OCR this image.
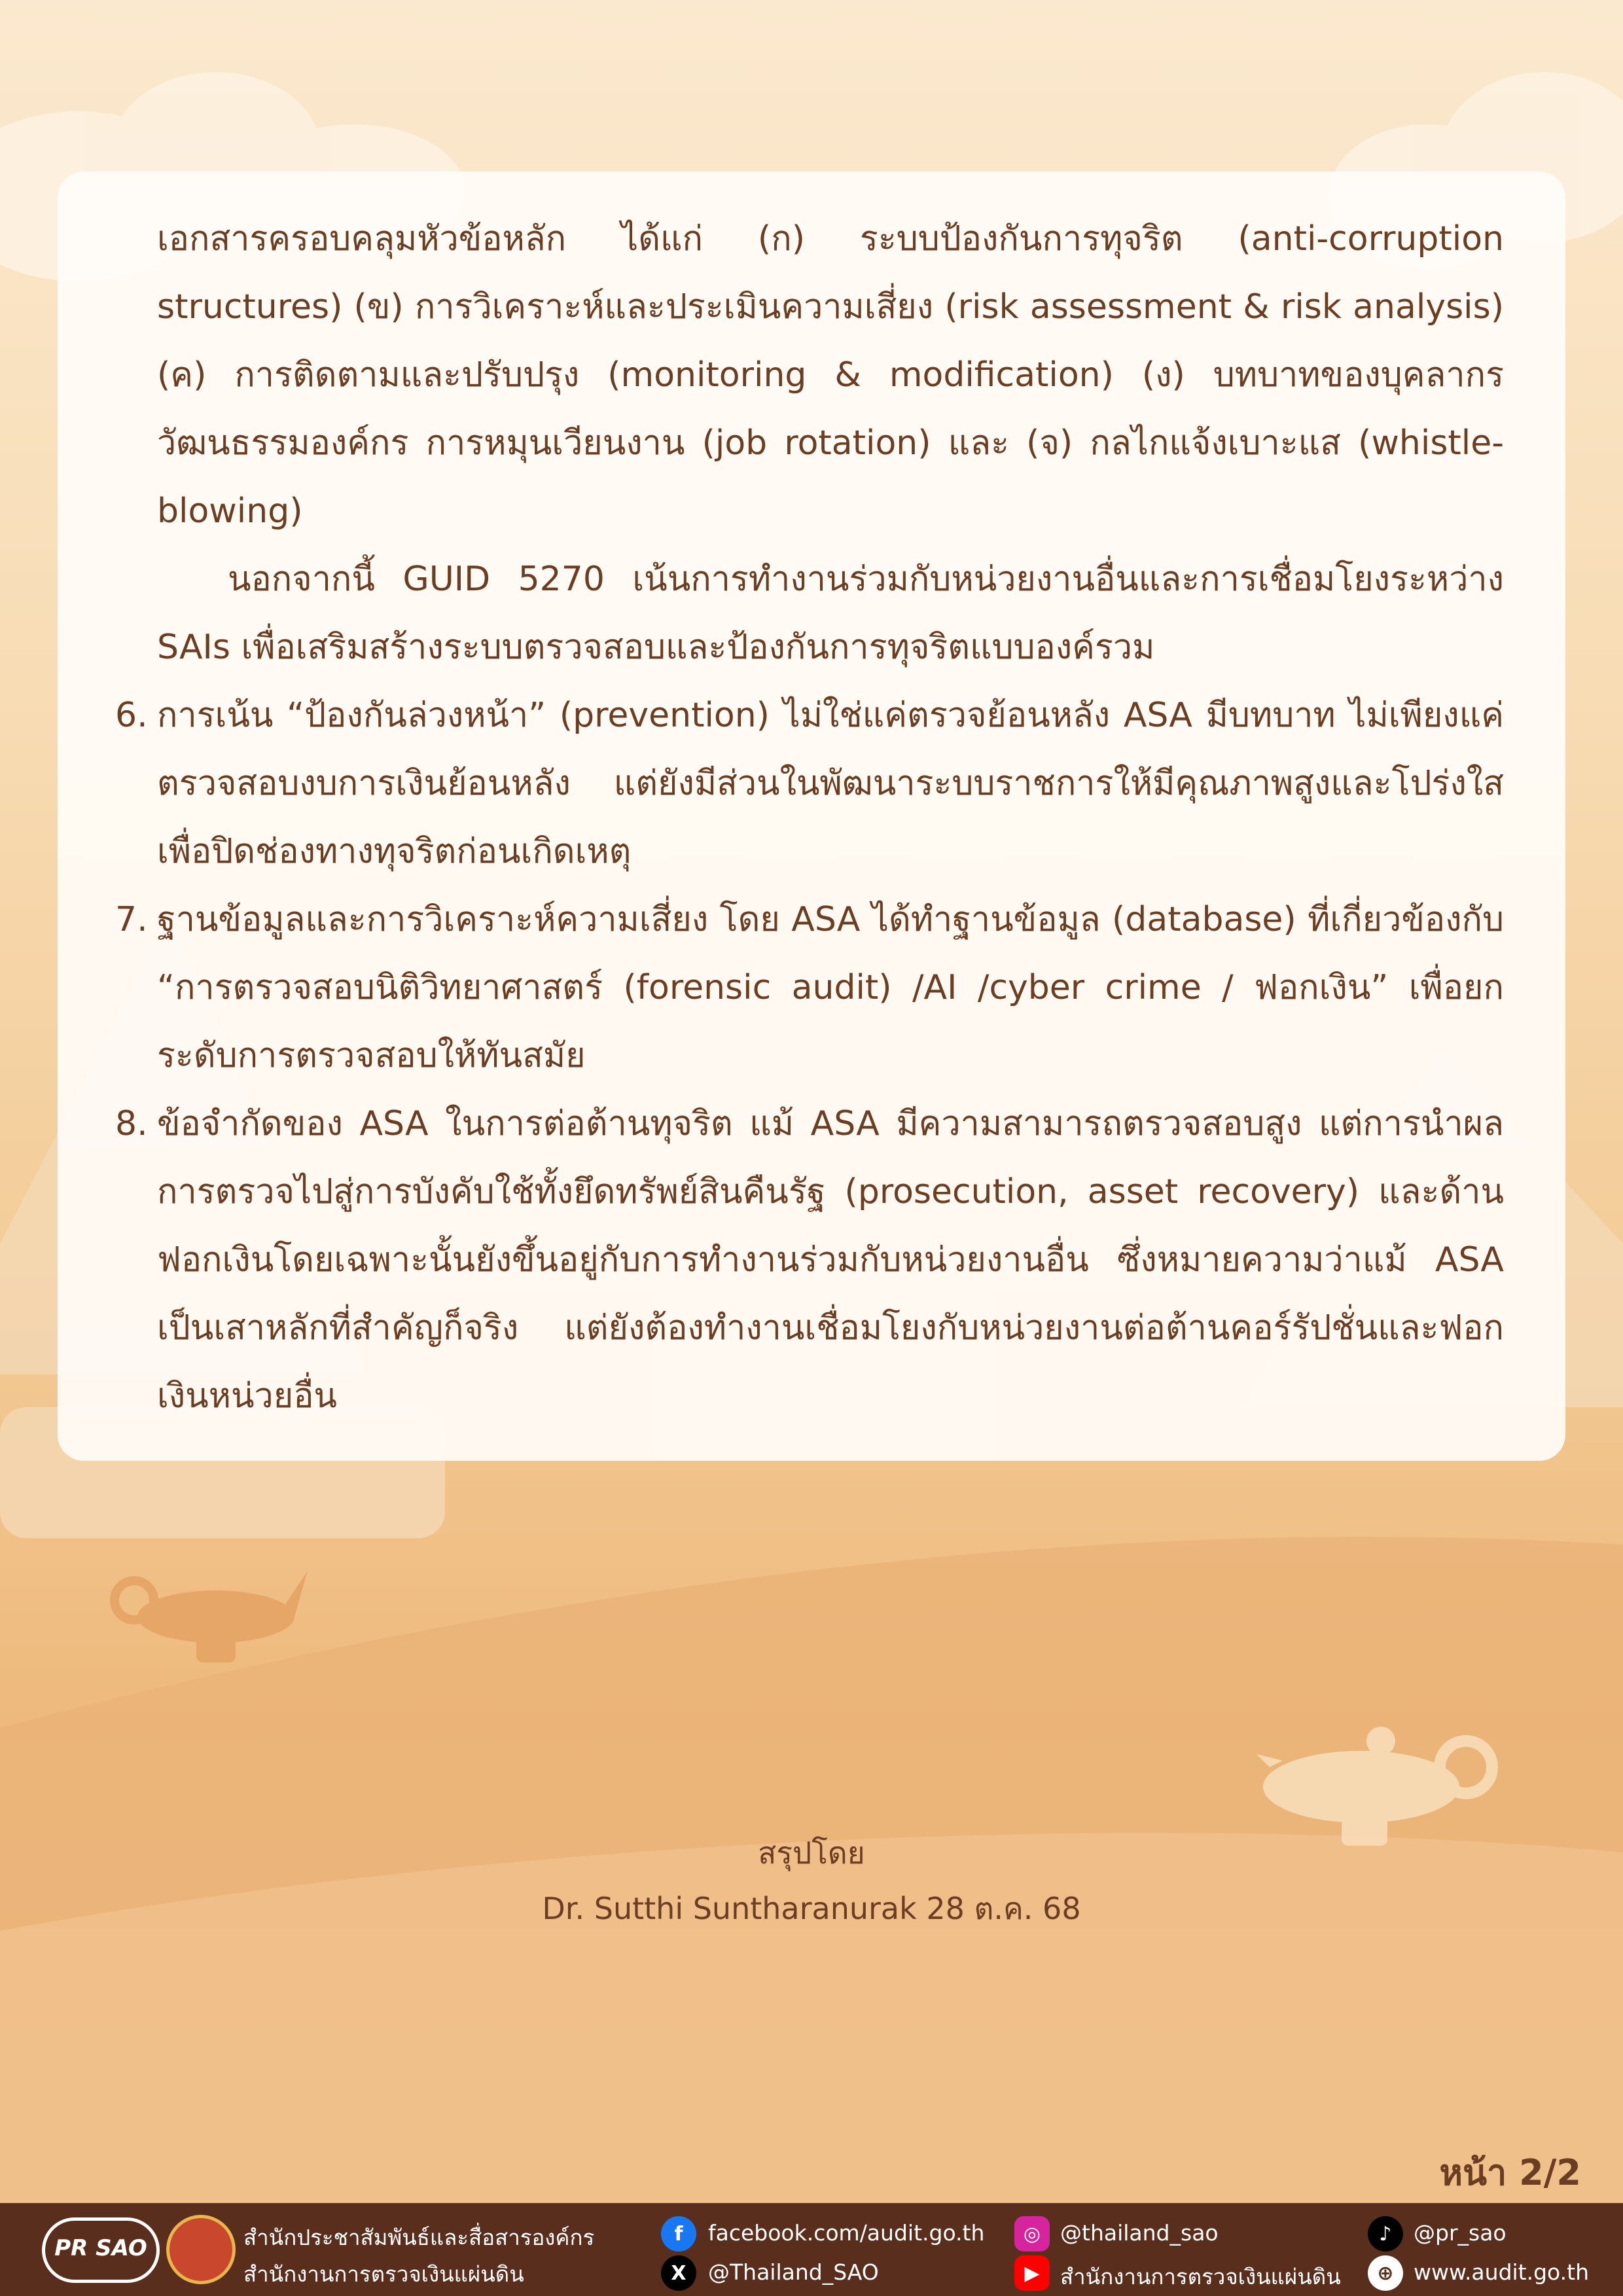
เอกสารครอบคลุมหัวข้อหลัก ได้แก่ (ก) ระบบป้องกันการทุจริต (anti-corruption structures) (ข) การวิเคราะห์และประเมินความเสี่ยง (risk assessment & risk analysis) (ค) การติดตามและปรับปรุง (monitoring & modification) (ง) บทบาทของบุคลากร วัฒนธรรมองค์กร การหมุนเวียนงาน (job rotation) และ (จ) กลไกแจ้งเบาะแส (whistle-blowing)

นอกจากนี้ GUID 5270 เน้นการทำงานร่วมกับหน่วยงานอื่นและการเชื่อมโยงระหว่าง SAIs เพื่อเสริมสร้างระบบตรวจสอบและป้องกันการทุจริตแบบองค์รวม

6. การเน้น “ป้องกันล่วงหน้า” (prevention) ไม่ใช่แค่ตรวจย้อนหลัง ASA มีบทบาท ไม่เพียงแค่ตรวจสอบงบการเงินย้อนหลัง แต่ยังมีส่วนในพัฒนาระบบราชการให้มีคุณภาพสูงและโปร่งใส เพื่อปิดช่องทางทุจริตก่อนเกิดเหตุ

7. ฐานข้อมูลและการวิเคราะห์ความเสี่ยง โดย ASA ได้ทำฐานข้อมูล (database) ที่เกี่ยวข้องกับ “การตรวจสอบนิติวิทยาศาสตร์ (forensic audit) /AI /cyber crime / ฟอกเงิน” เพื่อยกระดับการตรวจสอบให้ทันสมัย

8. ข้อจำกัดของ ASA ในการต่อต้านทุจริต แม้ ASA มีความสามารถตรวจสอบสูง แต่การนำผลการตรวจไปสู่การบังคับใช้ทั้งยึดทรัพย์สินคืนรัฐ (prosecution, asset recovery) และด้านฟอกเงินโดยเฉพาะนั้นยังขึ้นอยู่กับการทำงานร่วมกับหน่วยงานอื่น ซึ่งหมายความว่าแม้ ASA เป็นเสาหลักที่สำคัญก็จริง แต่ยังต้องทำงานเชื่อมโยงกับหน่วยงานต่อต้านคอร์รัปชั่นและฟอกเงินหน่วยอื่น

สรุปโดย
Dr. Sutthi Suntharanurak 28 ต.ค. 68
หน้า 2/2
PR SAO	สำนักประชาสัมพันธ์และสื่อสารองค์กร
สำนักงานการตรวจเงินแผ่นดิน
f	facebook.com/audit.go.th
X	@Thailand_SAO
◎ @thailand_sao
▶ สำนักงานการตรวจเงินแผ่นดิน
♪	@pr_sao
⊕ www.audit.go.th
